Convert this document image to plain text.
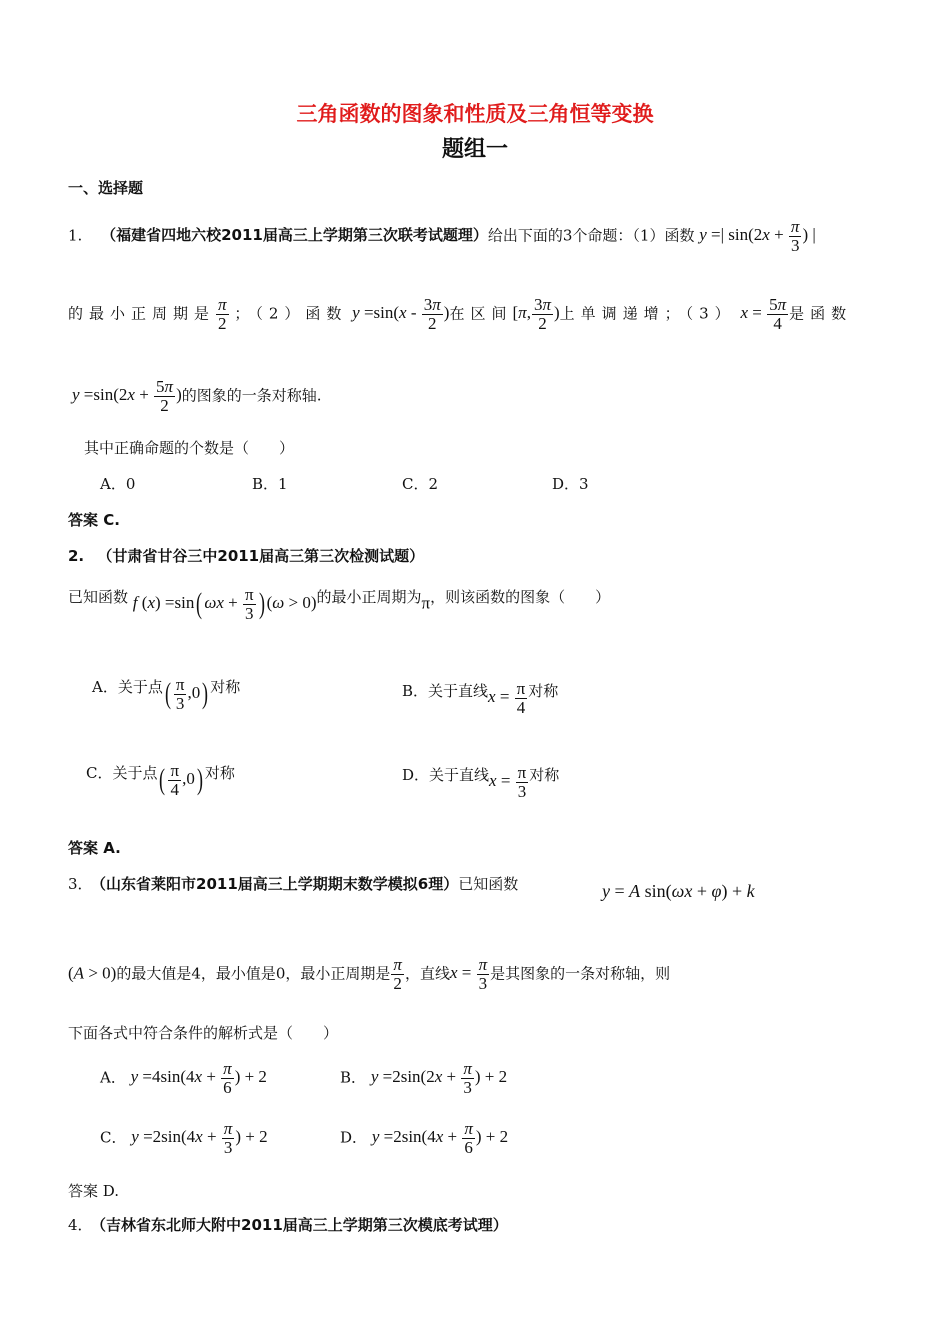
三角函数的图象和性质及三角恒等变换
题组一
一、选择题
1. （福建省四地六校2011届高三上学期第三次联考试题理）给出下面的3个命题：（1）函数 y =| $\sin(2x + \frac{\pi}{3}$ ) |
的最小正周期是 $\frac{\pi}{2}$ ；（2）函数 $y =\sin(x - \frac{3\pi}{2}$ )在区间[π, $\frac{3\pi}{2}$ )上单调递增；（3） $x = \frac{5\pi}{4}$ 是函数
$y =\sin(2x + \frac{5\pi}{2}$ )的图象的一条对称轴.
其中正确命题的个数是（　　）
A．0	B．1	C．2	D．3
答案 C.
2. （甘肃省甘谷三中2011届高三第三次检测试题）
已知函数 f (x) =sin( $\omega x + \frac{\pi}{3}$ ) (ω > 0)的最小正周期为π，则该函数的图象（　　）
A．关于点( $\frac{\pi}{3} ,0$) 对称	B．关于直线$x = \frac{\pi}{4}$ 对称
C．关于点( $\frac{\pi}{4} ,0$) 对称	D．关于直线$x = \frac{\pi}{3}$ 对称
答案 A.
3． （山东省莱阳市2011届高三上学期期末数学模拟6理）已知函数	y = A sin(ωx + φ) + k
(A > 0)的最大值是4，最小值是0，最小正周期是 $\frac{\pi}{2}$ ，直线$x = \frac{\pi}{3}$ 是其图象的一条对称轴，则
下面各式中符合条件的解析式是（　　）
A． $y =4\sin(4x + \frac{\pi}{6}$ ) + 2	B． $y =2\sin(2x + \frac{\pi}{3}$ ) + 2
C． $y =2\sin(4x + \frac{\pi}{3}$ ) + 2	D． $y =2\sin(4x + \frac{\pi}{6}$ ) + 2
答案 D.
4． （吉林省东北师大附中2011届高三上学期第三次模底考试理）
